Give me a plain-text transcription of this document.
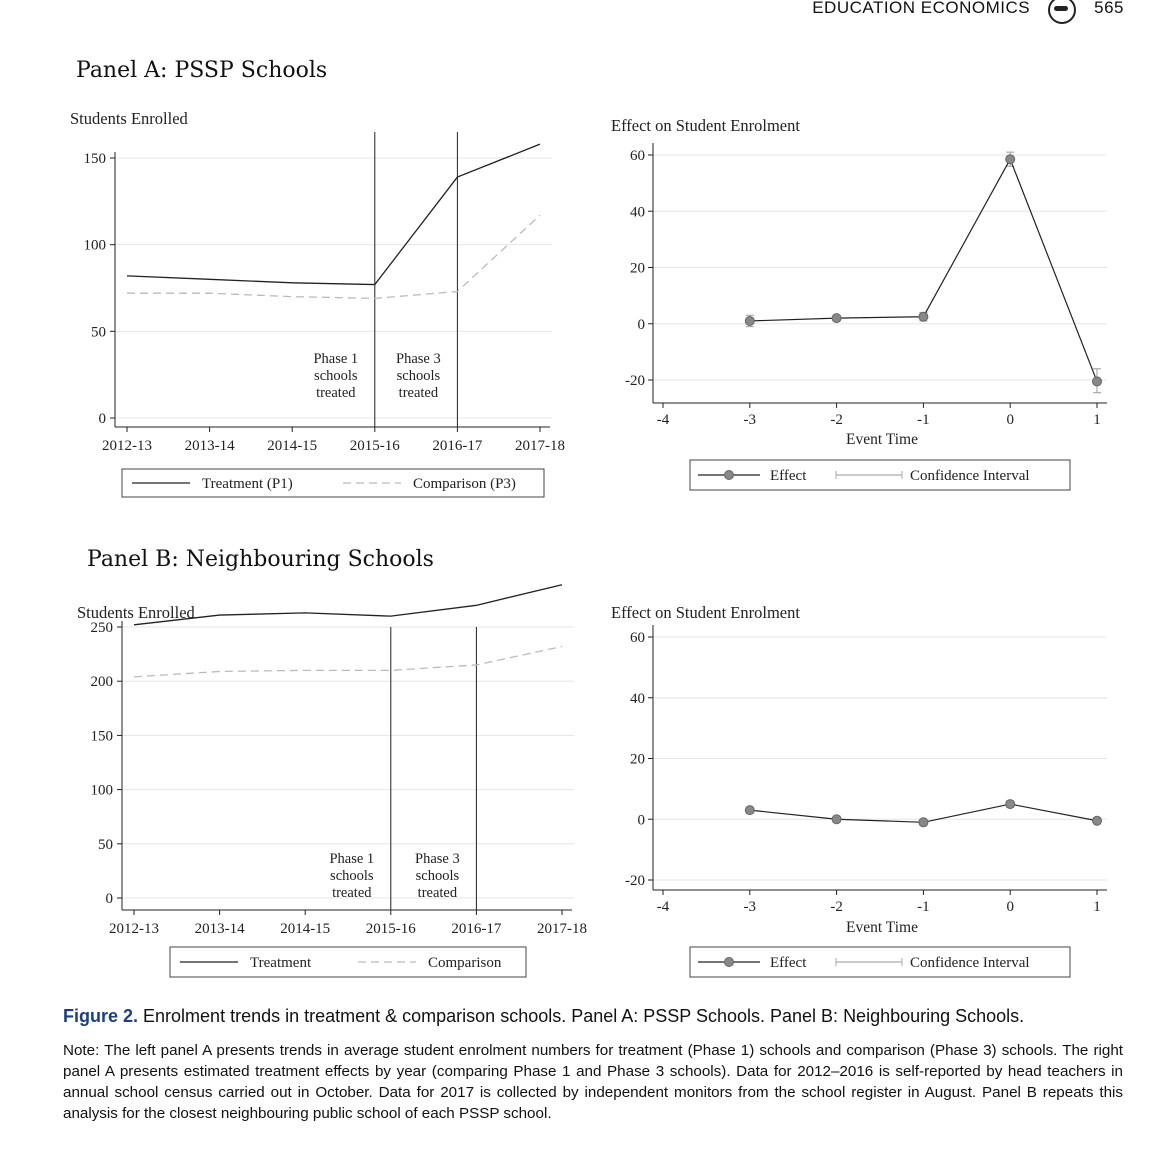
EDUCATION ECONOMICS	565
Panel A: PSSP Schools
Panel B: Neighbouring Schools
0
50
100
150
2012-13 2013-14 2014-15 2015-16 2016-17 2017-18
Students Enrolled
Phase 1
schools
treated
Phase 3
schools
treated
Treatment (P1)	Comparison (P3)
-20
0
20
40
60
-4	-3	-2	-1	0	1
Event Time
Effect on Student Enrolment
Effect	Confidence Interval
0
50
100
150
200
250
2012-13 2013-14 2014-15 2015-16 2016-17 2017-18
Students Enrolled
Phase 1
schools
treated
Phase 3
schools
treated
Treatment	Comparison
-20
0
20
40
60
-4	-3	-2	-1	0	1
Event Time
Effect on Student Enrolment
Effect	Confidence Interval
Figure 2. Enrolment trends in treatment & comparison schools. Panel A: PSSP Schools. Panel B: Neighbouring Schools.
Note: The left panel A presents trends in average student enrolment numbers for treatment (Phase 1) schools and comparison (Phase 3) schools. The right panel A presents estimated treatment effects by year (comparing Phase 1 and Phase 3 schools). Data for 2012–2016 is self-reported by head teachers in annual school census carried out in October. Data for 2017 is collected by independent monitors from the school register in August. Panel B repeats this analysis for the closest neighbouring public school of each PSSP school.
